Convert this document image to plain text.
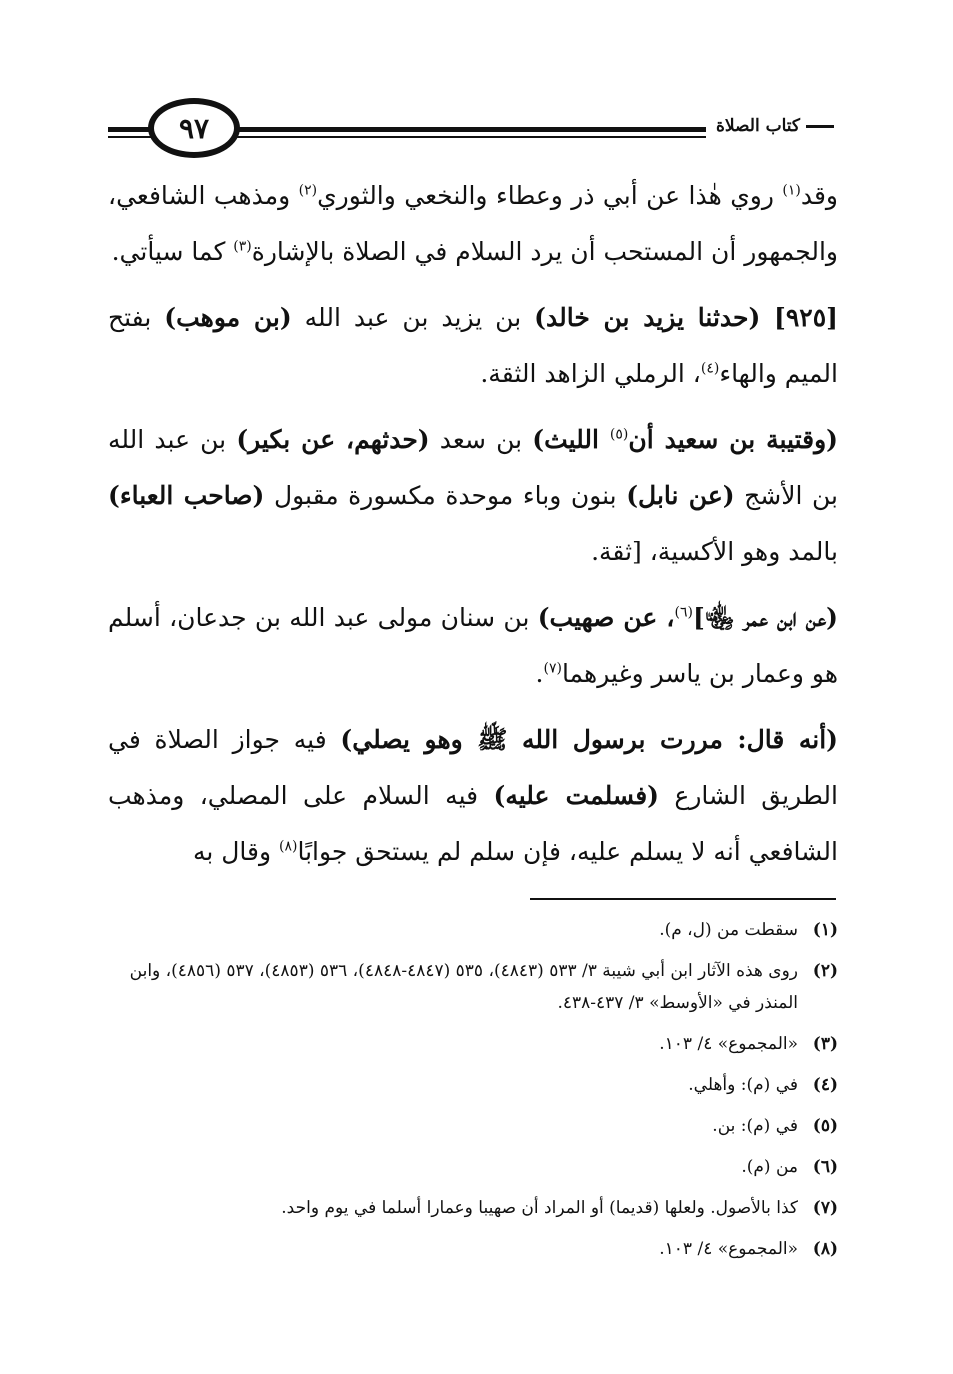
كتاب الصلاة
٩٧

وقد$^{(١)}$ روي هٰذا عن أبي ذر وعطاء والنخعي والثوري$^{(٢)}$ ومذهب الشافعي، والجمهور أن المستحب أن يرد السلام في الصلاة بالإشارة$^{(٣)}$ كما سيأتي.

[٩٢٥] (حدثنا يزيد بن خالد) بن يزيد بن عبد الله (بن موهب) بفتح الميم والهاء$^{(٤)}$، الرملي الزاهد الثقة.

(وقتيبة بن سعيد أن$^{(٥)}$ الليث) بن سعد (حدثهم، عن بكير) بن عبد الله بن الأشج (عن نابل) بنون وباء موحدة مكسورة مقبول (صاحب العباء) بالمد وهو الأكسية، [ثقة.

(عن ابن عمر ﵄]$^{(٦)}$، عن صهيب) بن سنان مولى عبد الله بن جدعان، أسلم هو وعمار بن ياسر وغيرهما$^{(٧)}$.

(أنه قال: مررت برسول الله ﷺ وهو يصلي) فيه جواز الصلاة في الطريق الشارع (فسلمت عليه) فيه السلام على المصلي، ومذهب الشافعي أنه لا يسلم عليه، فإن سلم لم يستحق جوابًا$^{(٨)}$ وقال به

(١)
سقطت من (ل، م).
(٢)
روى هذه الآثار ابن أبي شيبة ٣/ ٥٣٣ (٤٨٤٣)، ٥٣٥ (٤٨٤٧-٤٨٤٨)، ٥٣٦ (٤٨٥٣)، ٥٣٧ (٤٨٥٦)، وابن المنذر في «الأوسط» ٣/ ٤٣٧-٤٣٨.
(٣)
«المجموع» ٤/ ١٠٣.
(٤)
في (م): وأهلي.
(٥)
في (م): بن.
(٦)
من (م).
(٧)
كذا بالأصول. ولعلها (قديما) أو المراد أن صهيبا وعمارا أسلما في يوم واحد.
(٨)
«المجموع» ٤/ ١٠٣.
